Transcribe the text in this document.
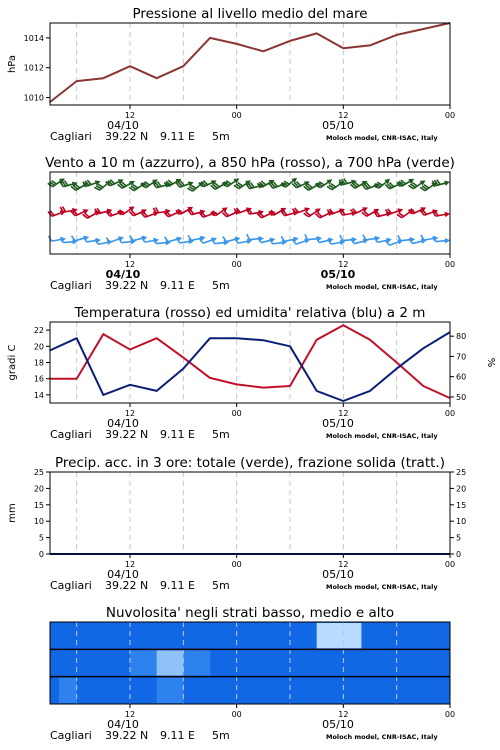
Pressione al livello medio del mare
12	00	12	00
04/10	05/10
Cagliari 39.22 N 9.11 E 5m	Moloch model, CNR-ISAC, Italy
1010
1012
1014
hPa
Vento a 10 m (azzurro), a 850 hPa (rosso), a 700 hPa (verde)
12	00	12	00
04/10	05/10
Cagliari 39.22 N 9.11 E 5m	Moloch model, CNR-ISAC, Italy
Temperatura (rosso) ed umidita' relativa (blu) a 2 m
12	00	12	00
04/10	05/10
Cagliari 39.22 N 9.11 E 5m	Moloch model, CNR-ISAC, Italy
14
16
18
20
22
50
60
70
80
gradi C	%
Precip. acc. in 3 ore: totale (verde), frazione solida (tratt.)
12	00	12	00
04/10	05/10
Cagliari 39.22 N 9.11 E 5m	Moloch model, CNR-ISAC, Italy
0
5
10
15
20
25
0
5
10
15
20
25
mm
Nuvolosita' negli strati basso, medio e alto
12	00	12	00
04/10	05/10
Cagliari 39.22 N 9.11 E 5m	Moloch model, CNR-ISAC, Italy
